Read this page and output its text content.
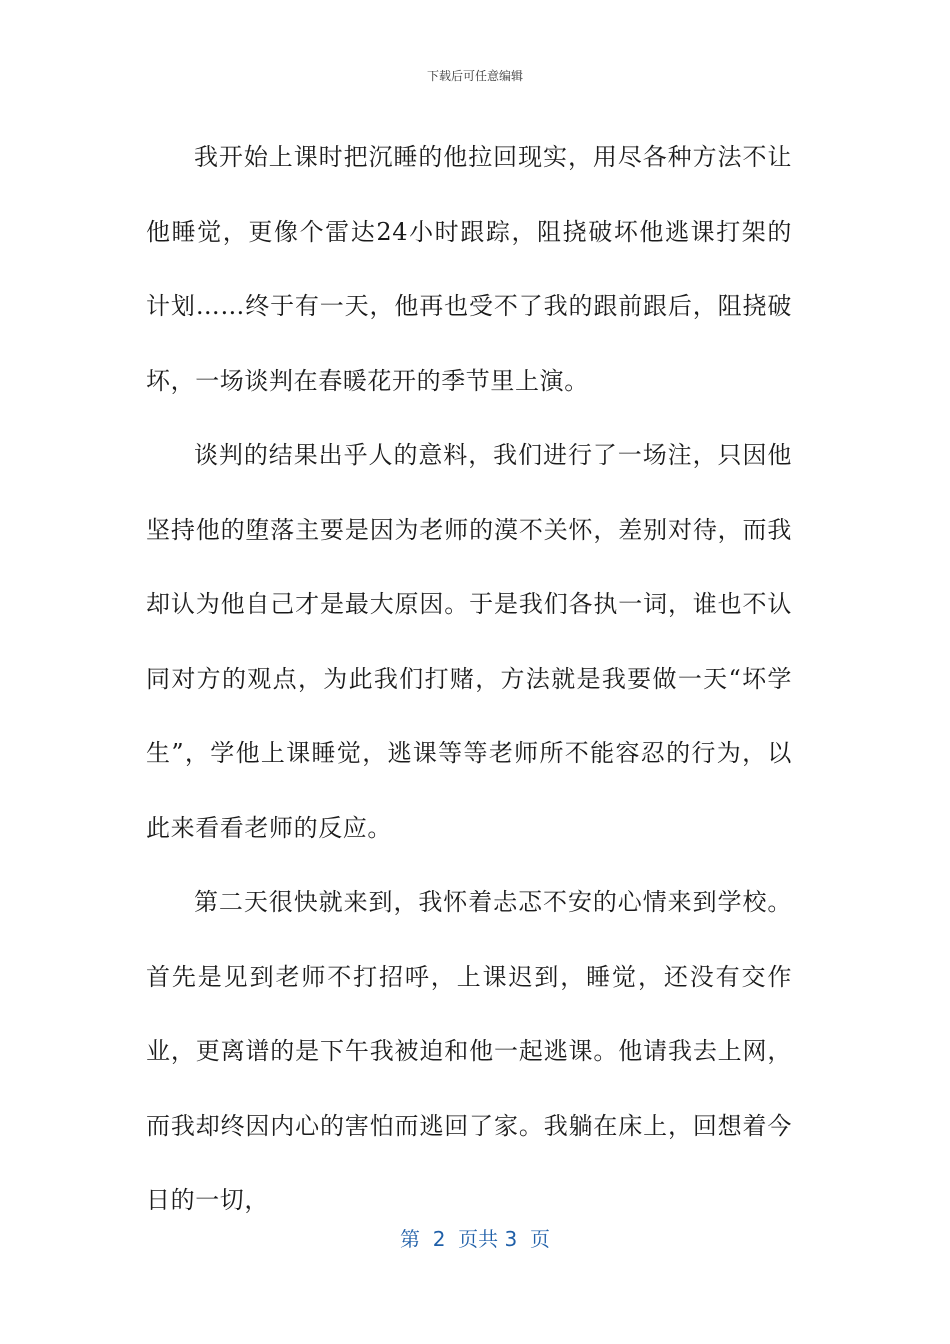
下载后可任意编辑

我开始上课时把沉睡的他拉回现实，用尽各种方法不让他睡觉，更像个雷达24小时跟踪，阻挠破坏他逃课打架的计划……终于有一天，他再也受不了我的跟前跟后，阻挠破坏，一场谈判在春暖花开的季节里上演。

谈判的结果出乎人的意料，我们进行了一场注，只因他坚持他的堕落主要是因为老师的漠不关怀，差别对待，而我却认为他自己才是最大原因。于是我们各执一词，谁也不认同对方的观点，为此我们打赌，方法就是我要做一天“坏学生”，学他上课睡觉，逃课等等老师所不能容忍的行为，以此来看看老师的反应。

第二天很快就来到，我怀着忐忑不安的心情来到学校。首先是见到老师不打招呼，上课迟到，睡觉，还没有交作业，更离谱的是下午我被迫和他一起逃课。他请我去上网，而我却终因内心的害怕而逃回了家。我躺在床上，回想着今日的一切，

第  2  页共 3  页
